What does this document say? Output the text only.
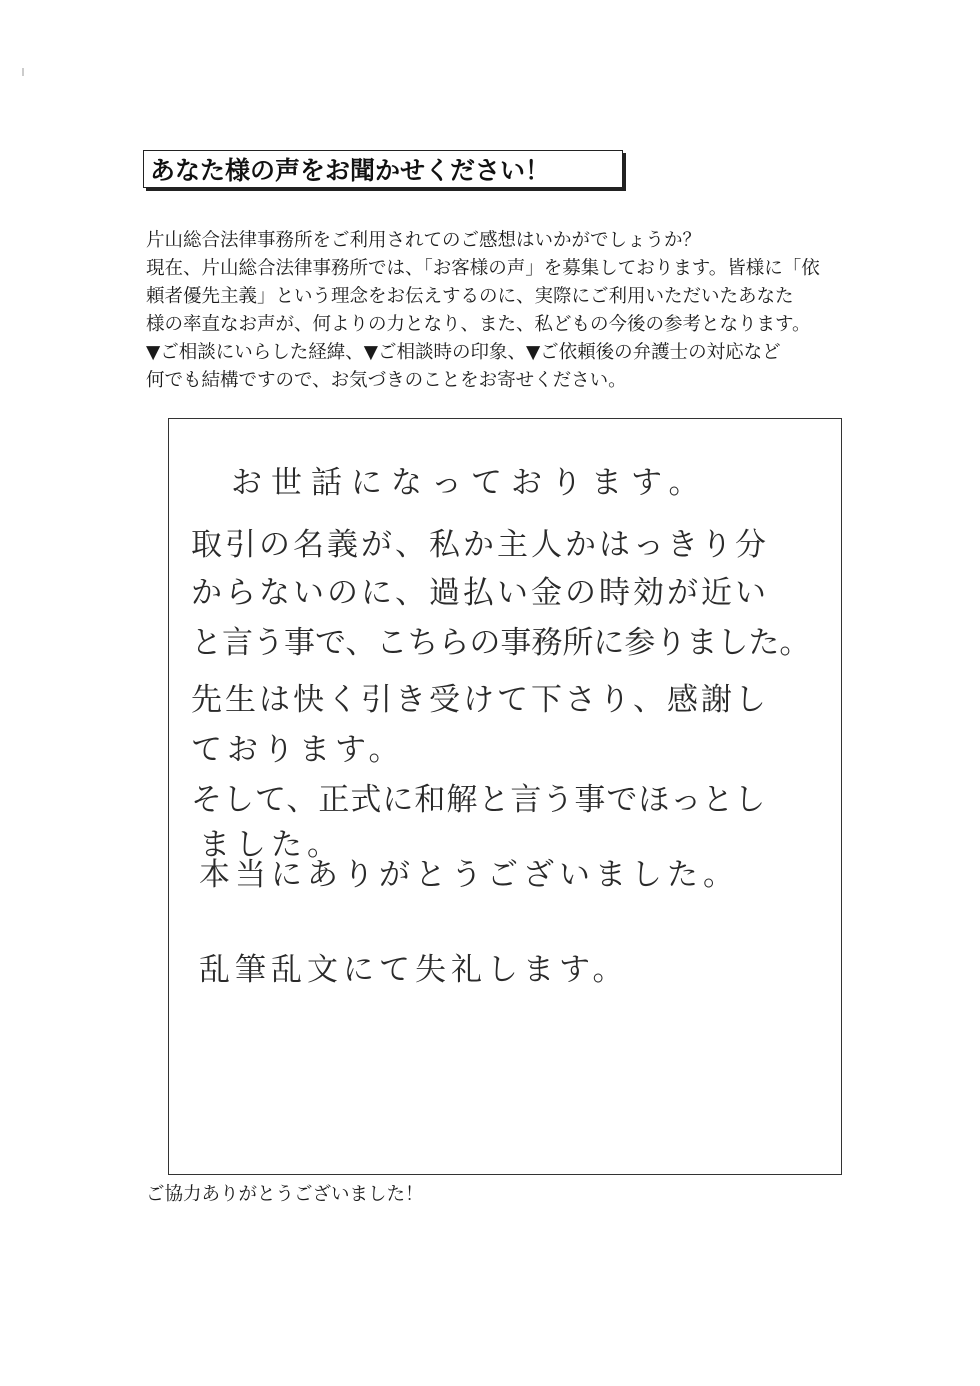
あなた様の声をお聞かせください！
片山総合法律事務所をご利用されてのご感想はいかがでしょうか？
現在、片山総合法律事務所では、「お客様の声」を募集しております。皆様に「依
頼者優先主義」という理念をお伝えするのに、実際にご利用いただいたあなた
様の率直なお声が、何よりの力となり、また、私どもの今後の参考となります。
▼ご相談にいらした経緯、▼ご相談時の印象、▼ご依頼後の弁護士の対応など
何でも結構ですので、お気づきのことをお寄せください。
お世話になっております。
取引の名義が、私か主人かはっきり分
からないのに、過払い金の時効が近い
と言う事で、こちらの事務所に参りました。
先生は快く引き受けて下さり、感謝し
ております。
そして、正式に和解と言う事でほっとし
ました。
本当にありがとうございました。
乱筆乱文にて失礼します。
ご協力ありがとうございました！
